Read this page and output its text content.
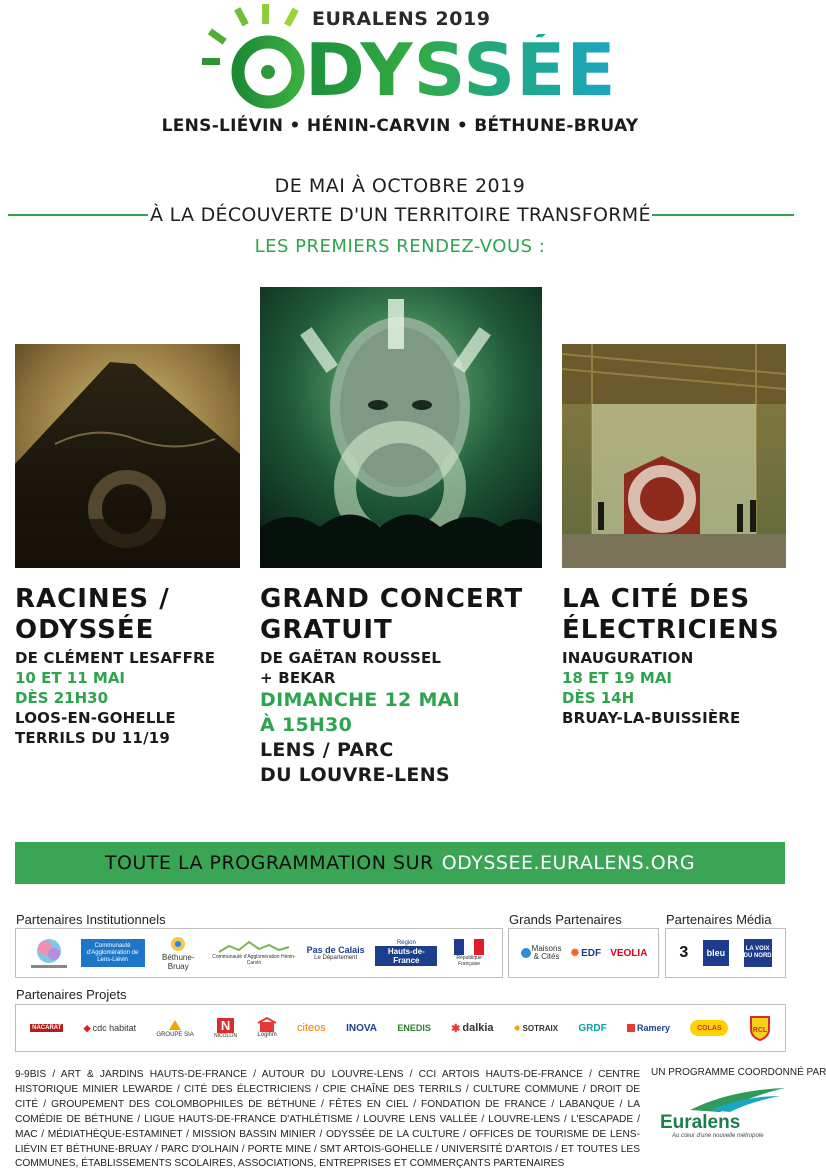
EURALENS 2019
DYSSÉE
LENS-LIÉVIN • HÉNIN-CARVIN • BÉTHUNE-BRUAY
DE MAI À OCTOBRE 2019
À LA DÉCOUVERTE D'UN TERRITOIRE TRANSFORMÉ
LES PREMIERS RENDEZ-VOUS :
RACINES /
ODYSSÉE
DE CLÉMENT LESAFFRE
10 ET 11 MAI
DÈS 21H30
LOOS-EN-GOHELLE
TERRILS DU 11/19
GRAND CONCERT
GRATUIT
DE GAËTAN ROUSSEL
+ BEKAR
DIMANCHE 12 MAI
À 15H30
LENS / PARC
DU LOUVRE-LENS
LA CITÉ DES
ÉLECTRICIENS
INAUGURATION
18 ET 19 MAI
DÈS 14H
BRUAY-LA-BUISSIÈRE
TOUTE LA PROGRAMMATION SUR ODYSSEE.EURALENS.ORG
Partenaires Institutionnels	Grands Partenaires	Partenaires Média
Communauté d'Agglomération de Lens-Liévin	Béthune-Bruay
Communauté d'Agglomération Hénin-Carvin
Pas de Calais
Le Département
Région
Hauts-de-France	République Française
Maisons & Cités ✺ EDF VEOLIA 3 bleu	LA VOIX DU NORD
Partenaires Projets
NACARAT ◆ cdc habitat
GROUPE SIA
N
NICOLLIN	Logifim
citeos INOVA ENEDIS ✱ dalkia	✸ SOTRAIX GRDF	Ramery	COLAS	RCL
9-9BIS / ART & JARDINS HAUTS-DE-FRANCE / AUTOUR DU LOUVRE-LENS / CCI ARTOIS HAUTS-DE-FRANCE / CENTRE HISTORIQUE MINIER LEWARDE / CITÉ DES ÉLECTRICIENS / CPIE CHAÎNE DES TERRILS / CULTURE COMMUNE / DROIT DE CITÉ / GROUPEMENT DES COLOMBOPHILES DE BÉTHUNE / FÊTES EN CIEL / FONDATION DE FRANCE / LABANQUE / LA COMÉDIE DE BÉTHUNE / LIGUE HAUTS-DE-FRANCE D'ATHLÉTISME / LOUVRE LENS VALLÉE / LOUVRE-LENS / L'ESCAPADE / MAC / MÉDIATHÈQUE-ESTAMINET / MISSION BASSIN MINIER / ODYSSÉE DE LA CULTURE / OFFICES DE TOURISME DE LENS-LIÉVIN ET BÉTHUNE-BRUAY / PARC D'OLHAIN / PORTE MINE / SMT ARTOIS-GOHELLE / UNIVERSITÉ D'ARTOIS / ET TOUTES LES COMMUNES, ÉTABLISSEMENTS SCOLAIRES, ASSOCIATIONS, ENTREPRISES ET COMMERÇANTS PARTENAIRES
UN PROGRAMME COORDONNÉ PAR
Euralens
Au cœur d'une nouvelle métropole
